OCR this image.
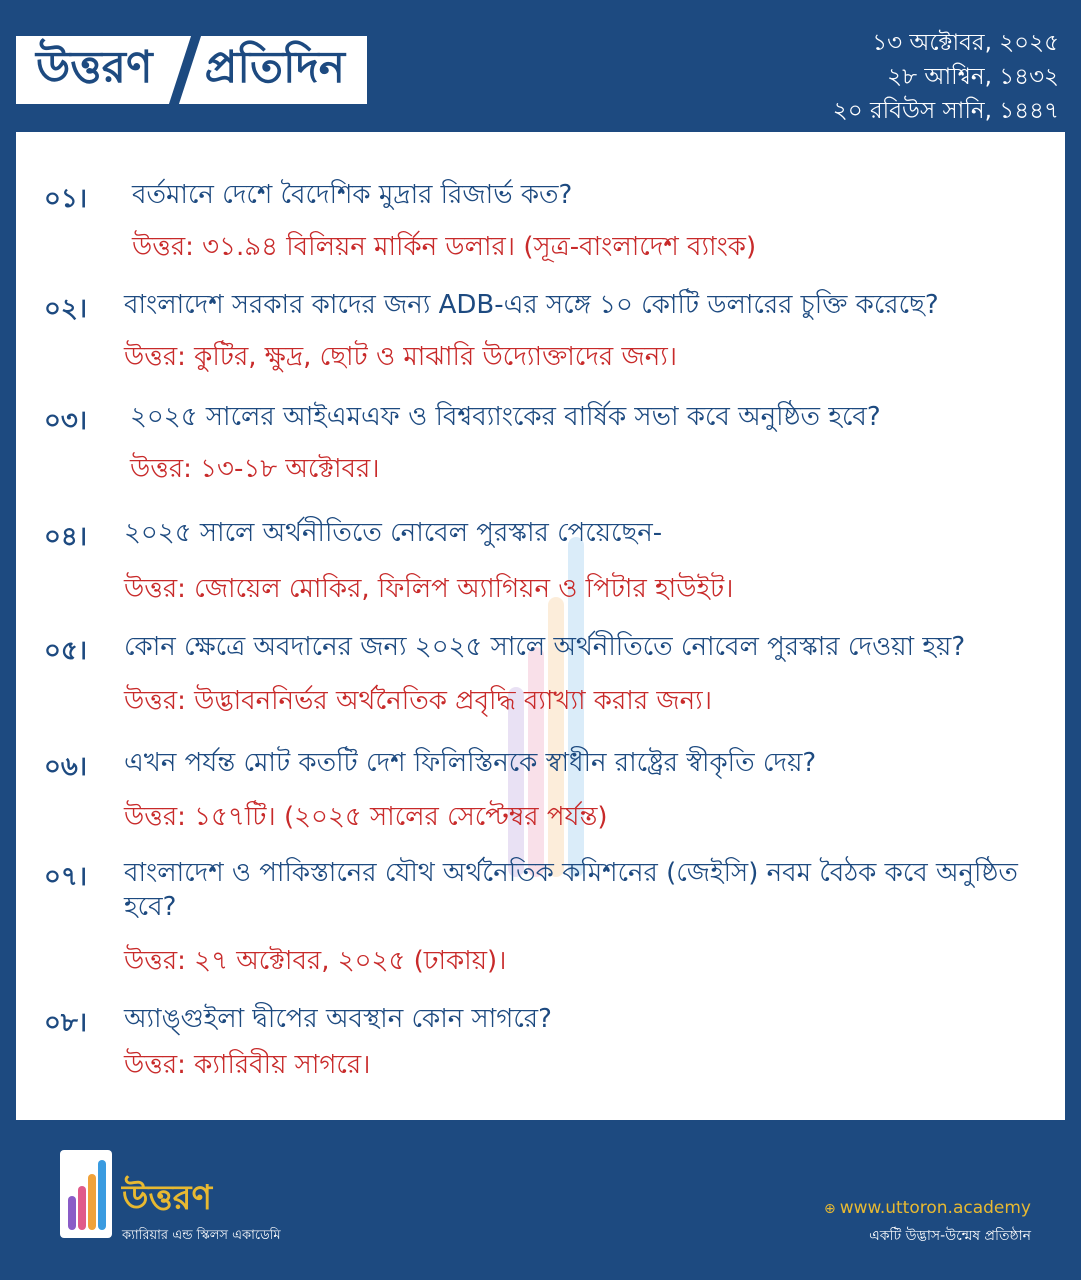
উত্তরণ	প্রতিদিন	১৩ অক্টোবর, ২০২৫
২৮ আশ্বিন, ১৪৩২
২০ রবিউস সানি, ১৪৪৭
০১। বর্তমানে দেশে বৈদেশিক মুদ্রার রিজার্ভ কত?
উত্তর: ৩১.৯৪ বিলিয়ন মার্কিন ডলার। (সূত্র-বাংলাদেশ ব্যাংক)
০২। বাংলাদেশ সরকার কাদের জন্য ADB-এর সঙ্গে ১০ কোটি ডলারের চুক্তি করেছে?
উত্তর: কুটির, ক্ষুদ্র, ছোট ও মাঝারি উদ্যোক্তাদের জন্য।
০৩। ২০২৫ সালের আইএমএফ ও বিশ্বব্যাংকের বার্ষিক সভা কবে অনুষ্ঠিত হবে?
উত্তর: ১৩-১৮ অক্টোবর।
০৪। ২০২৫ সালে অর্থনীতিতে নোবেল পুরস্কার পেয়েছেন-
উত্তর: জোয়েল মোকির, ফিলিপ অ্যাগিয়ন ও পিটার হাউইট।
০৫। কোন ক্ষেত্রে অবদানের জন্য ২০২৫ সালে অর্থনীতিতে নোবেল পুরস্কার দেওয়া হয়?
উত্তর: উদ্ভাবননির্ভর অর্থনৈতিক প্রবৃদ্ধি ব্যাখ্যা করার জন্য।
০৬। এখন পর্যন্ত মোট কতটি দেশ ফিলিস্তিনকে স্বাধীন রাষ্ট্রের স্বীকৃতি দেয়?
উত্তর: ১৫৭টি। (২০২৫ সালের সেপ্টেম্বর পর্যন্ত)
০৭। বাংলাদেশ ও পাকিস্তানের যৌথ অর্থনৈতিক কমিশনের (জেইসি) নবম বৈঠক কবে অনুষ্ঠিত হবে?
উত্তর: ২৭ অক্টোবর, ২০২৫ (ঢাকায়)।
০৮। অ্যাঙ্গুইলা দ্বীপের অবস্থান কোন সাগরে?
উত্তর: ক্যারিবীয় সাগরে।
উত্তরণ
ক্যারিয়ার এন্ড স্কিলস একাডেমি
⊕ www.uttoron.academy
একটি উদ্ভাস-উন্মেষ প্রতিষ্ঠান
